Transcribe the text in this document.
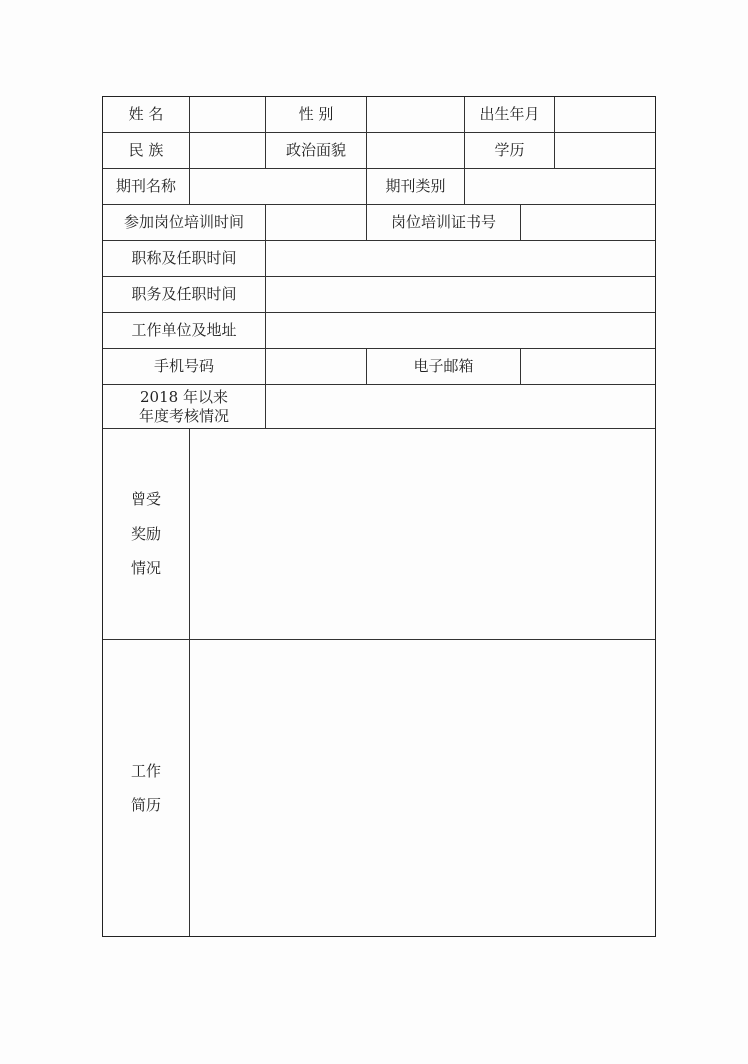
姓 名	性 别	出生年月
民 族	政治面貌	学历
期刊名称	期刊类别
参加岗位培训时间	岗位培训证书号
职称及任职时间
职务及任职时间
工作单位及地址
手机号码	电子邮箱
2018 年以来
年度考核情况
曾受
奖励
情况
工作
简历
